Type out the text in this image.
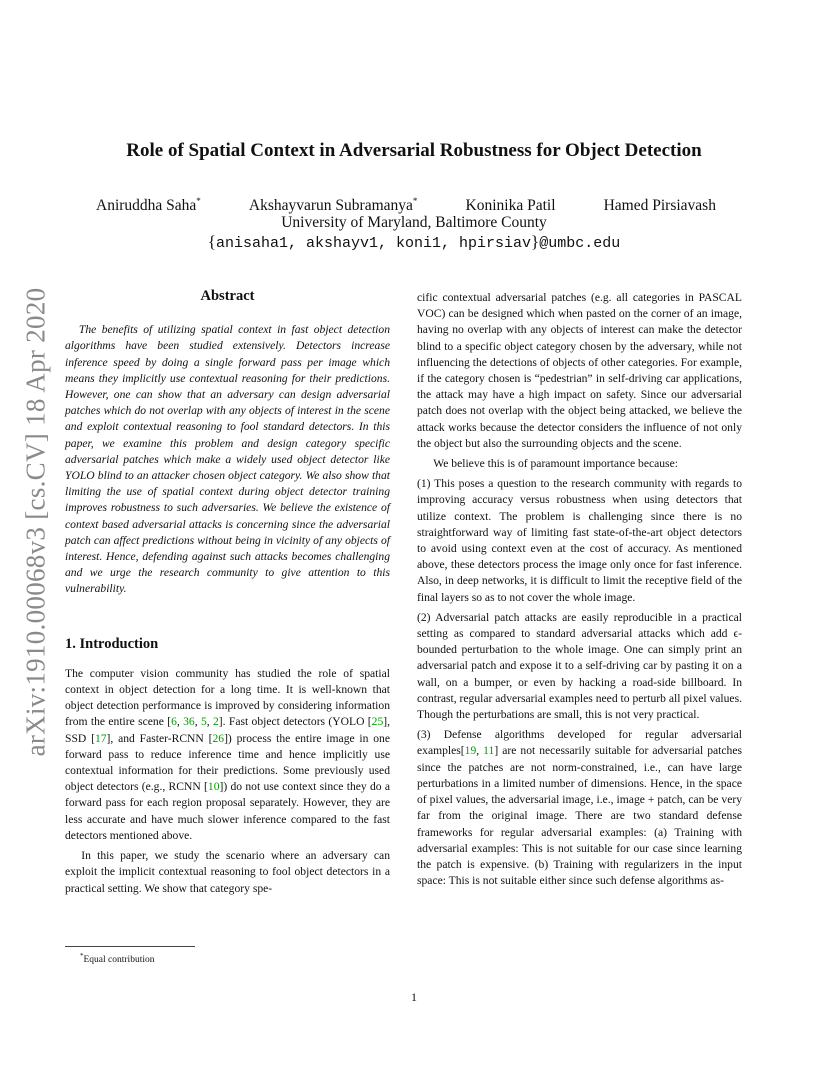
arXiv:1910.00068v3 [cs.CV] 18 Apr 2020
Role of Spatial Context in Adversarial Robustness for Object Detection
Aniruddha Saha*	Akshayvarun Subramanya*	Koninika Patil	Hamed Pirsiavash
University of Maryland, Baltimore County
{anisaha1, akshayv1, koni1, hpirsiav}@umbc.edu
Abstract

The benefits of utilizing spatial context in fast object detection algorithms have been studied extensively. Detectors increase inference speed by doing a single forward pass per image which means they implicitly use contextual reasoning for their predictions. However, one can show that an adversary can design adversarial patches which do not overlap with any objects of interest in the scene and exploit contextual reasoning to fool standard detectors. In this paper, we examine this problem and design category specific adversarial patches which make a widely used object detector like YOLO blind to an attacker chosen object category. We also show that limiting the use of spatial context during object detector training improves robustness to such adversaries. We believe the existence of context based adversarial attacks is concerning since the adversarial patch can affect predictions without being in vicinity of any objects of interest. Hence, defending against such attacks becomes challenging and we urge the research community to give attention to this vulnerability.

1. Introduction

The computer vision community has studied the role of spatial context in object detection for a long time. It is well-known that object detection performance is improved by considering information from the entire scene [6, 36, 5, 2]. Fast object detectors (YOLO [25], SSD [17], and Faster-RCNN [26]) process the entire image in one forward pass to reduce inference time and hence implicitly use contextual information for their predictions. Some previously used object detectors (e.g., RCNN [10]) do not use context since they do a forward pass for each region proposal separately. However, they are less accurate and have much slower inference compared to the fast detectors mentioned above.

In this paper, we study the scenario where an adversary can exploit the implicit contextual reasoning to fool object detectors in a practical setting. We show that category spe-

cific contextual adversarial patches (e.g. all categories in PASCAL VOC) can be designed which when pasted on the corner of an image, having no overlap with any objects of interest can make the detector blind to a specific object category chosen by the adversary, while not influencing the detections of objects of other categories. For example, if the category chosen is “pedestrian” in self-driving car applications, the attack may have a high impact on safety. Since our adversarial patch does not overlap with the object being attacked, we believe the attack works because the detector considers the influence of not only the object but also the surrounding objects and the scene.

We believe this is of paramount importance because:

(1) This poses a question to the research community with regards to improving accuracy versus robustness when using detectors that utilize context. The problem is challenging since there is no straightforward way of limiting fast state-of-the-art object detectors to avoid using context even at the cost of accuracy. As mentioned above, these detectors process the image only once for fast inference. Also, in deep networks, it is difficult to limit the receptive field of the final layers so as to not cover the whole image.

(2) Adversarial patch attacks are easily reproducible in a practical setting as compared to standard adversarial attacks which add ϵ-bounded perturbation to the whole image. One can simply print an adversarial patch and expose it to a self-driving car by pasting it on a wall, on a bumper, or even by hacking a road-side billboard. In contrast, regular adversarial examples need to perturb all pixel values. Though the perturbations are small, this is not very practical.

(3) Defense algorithms developed for regular adversarial examples[19, 11] are not necessarily suitable for adversarial patches since the patches are not norm-constrained, i.e., can have large perturbations in a limited number of dimensions. Hence, in the space of pixel values, the adversarial image, i.e., image + patch, can be very far from the original image. There are two standard defense frameworks for regular adversarial examples: (a) Training with adversarial examples: This is not suitable for our case since learning the patch is expensive. (b) Training with regularizers in the input space: This is not suitable either since such defense algorithms as-

*Equal contribution
1
